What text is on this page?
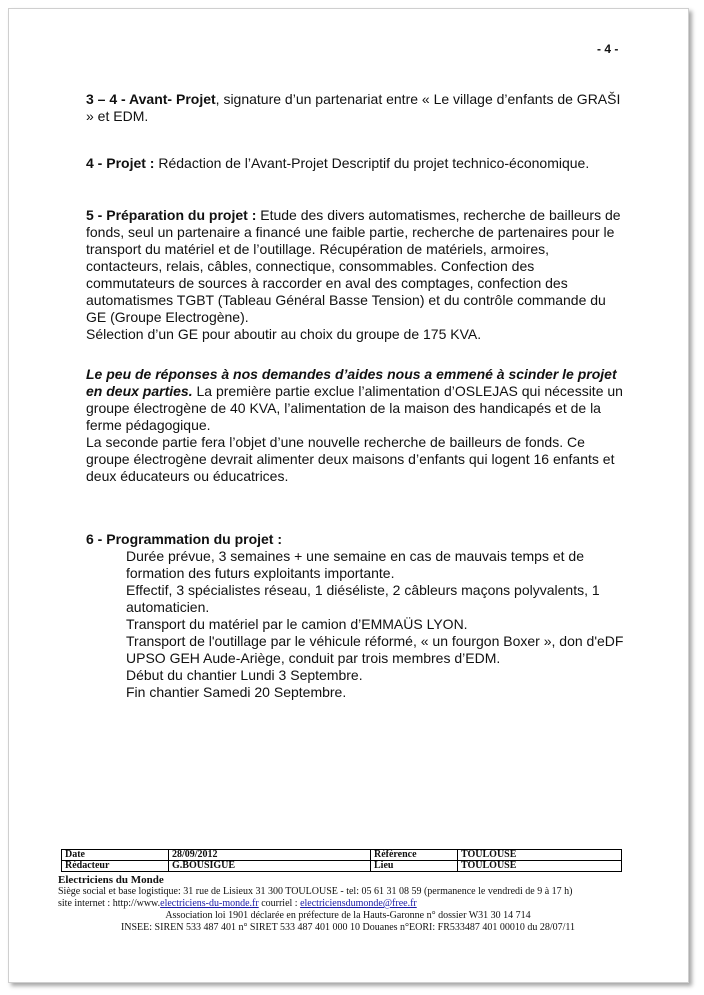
- 4 -
3 – 4 - Avant- Projet, signature d’un partenariat entre « Le village d’enfants de GRAŠI » et EDM.
4 - Projet : Rédaction de l’Avant-Projet Descriptif du projet technico-économique.
5 - Préparation du projet : Etude des divers automatismes, recherche de bailleurs de fonds, seul un partenaire a financé une faible partie, recherche de partenaires pour le transport du matériel et de l’outillage. Récupération de matériels, armoires, contacteurs, relais, câbles, connectique, consommables. Confection des commutateurs de sources à raccorder en aval des comptages, confection des automatismes TGBT (Tableau Général Basse Tension) et du contrôle commande du GE (Groupe Electrogène).
Sélection d’un GE pour aboutir au choix du groupe de 175 KVA.
Le peu de réponses à nos demandes d’aides nous a emmené à scinder le projet en deux parties. La première partie exclue l’alimentation d’OSLEJAS qui nécessite un groupe électrogène de 40 KVA, l’alimentation de la maison des handicapés et de la ferme pédagogique.
La seconde partie fera l’objet d’une nouvelle recherche de bailleurs de fonds. Ce groupe électrogène devrait alimenter deux maisons d’enfants qui logent 16 enfants et deux éducateurs ou éducatrices.
6 - Programmation du projet :
Durée prévue, 3 semaines + une semaine en cas de mauvais temps et de formation des futurs exploitants importante.
Effectif, 3 spécialistes réseau, 1 diéséliste, 2 câbleurs maçons polyvalents, 1 automaticien.
Transport du matériel par le camion d’EMMAÜS LYON.
Transport de l'outillage par le véhicule réformé, « un fourgon Boxer », don d'eDF UPSO GEH Aude-Ariège, conduit par trois membres d’EDM.
Début du chantier Lundi 3 Septembre.
Fin chantier Samedi 20 Septembre.
Date	28/09/2012	Référence	TOULOUSE
Rédacteur	G.BOUSIGUE	Lieu	TOULOUSE
Electriciens du Monde
Siège social et base logistique: 31 rue de Lisieux 31 300 TOULOUSE - tel: 05 61 31 08 59 (permanence le vendredi de 9 à 17 h)
site internet : http://www.electriciens-du-monde.fr courriel : electriciensdumonde@free.fr
Association loi 1901 déclarée en préfecture de la Hauts-Garonne n° dossier W31 30 14 714
INSEE: SIREN 533 487 401 n° SIRET 533 487 401 000 10 Douanes n°EORI: FR533487 401 00010 du 28/07/11
